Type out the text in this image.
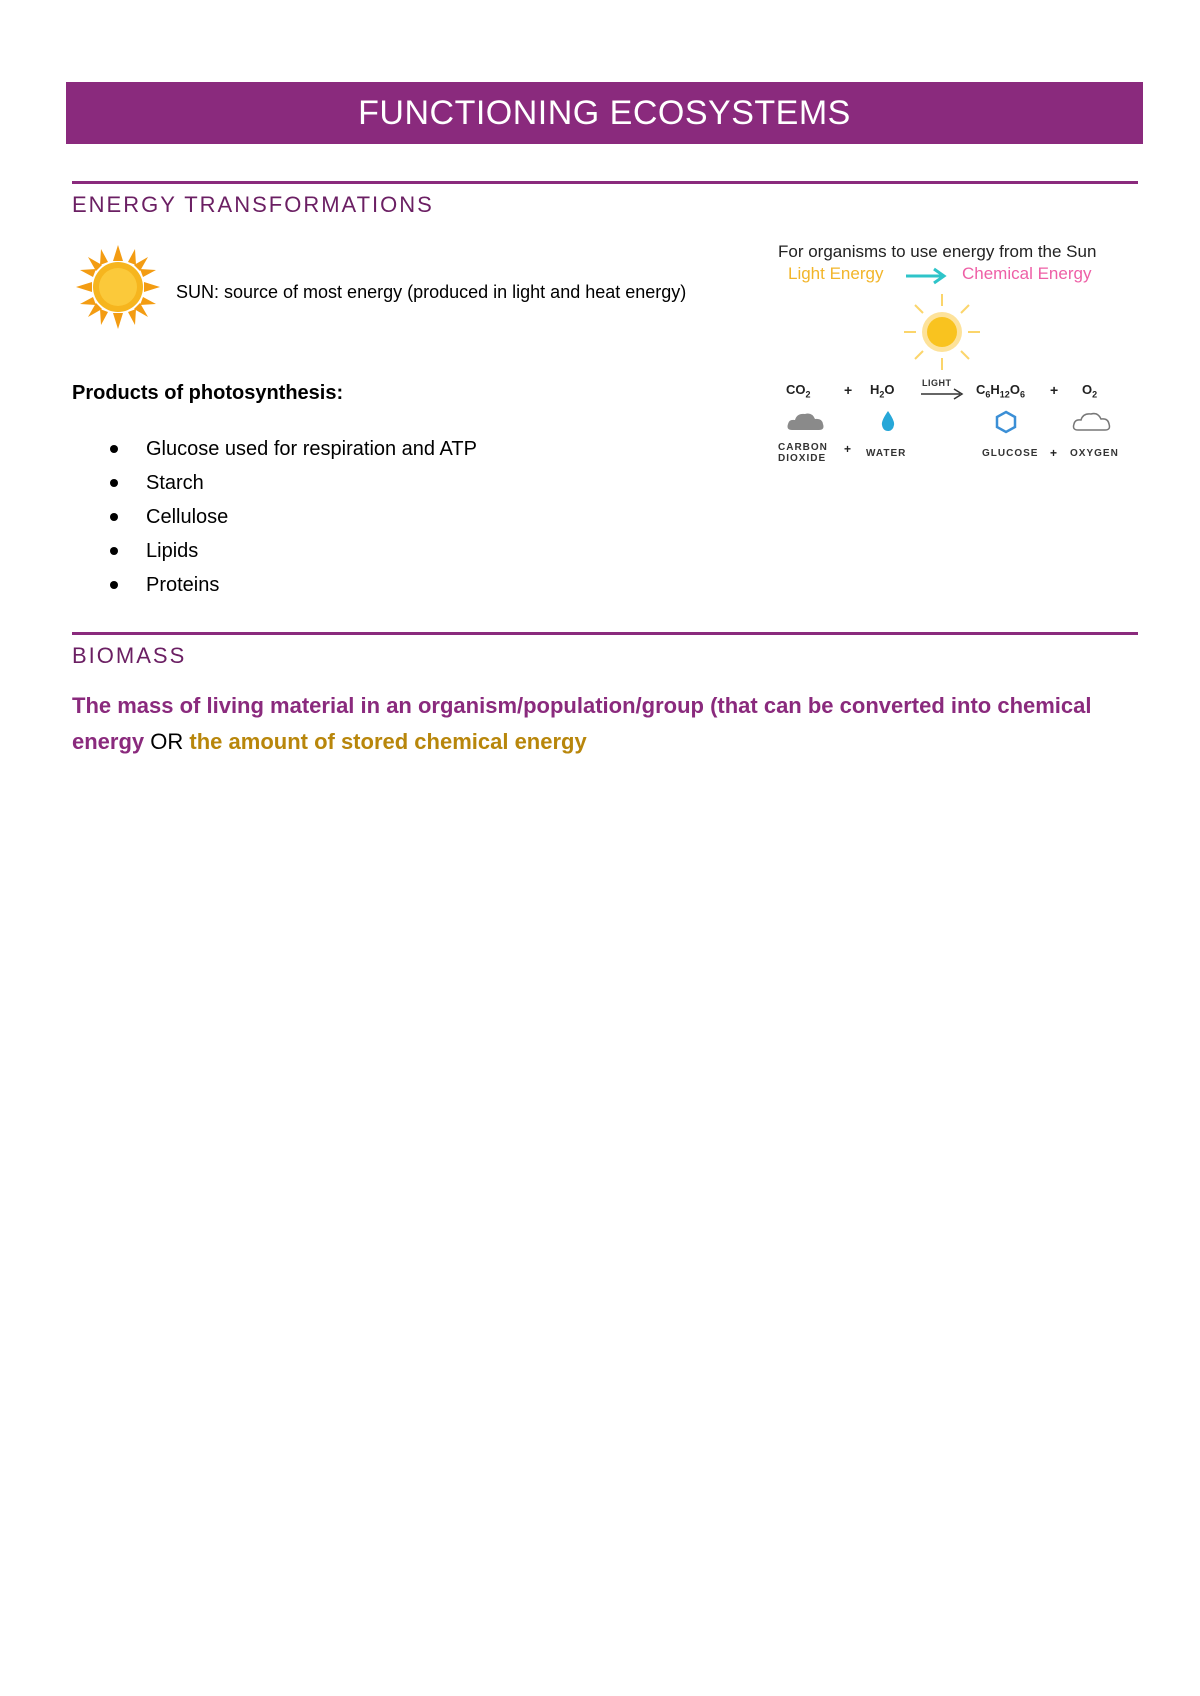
FUNCTIONING ECOSYSTEMS
ENERGY TRANSFORMATIONS
SUN: source of most energy (produced in light and heat energy)
Products of photosynthesis:
Glucose used for respiration and ATP
Starch
Cellulose
Lipids
Proteins
For organisms to use energy from the Sun
Light Energy	Chemical Energy
$CO_2 + H_2O$	LIGHT → $C_6H_{12}O_6 + O_2$
CARBON
DIOXIDE
+ WATER	GLUCOSE + OXYGEN
BIOMASS
The mass of living material in an organism/population/group (that can be converted into chemical energy OR the amount of stored chemical energy
